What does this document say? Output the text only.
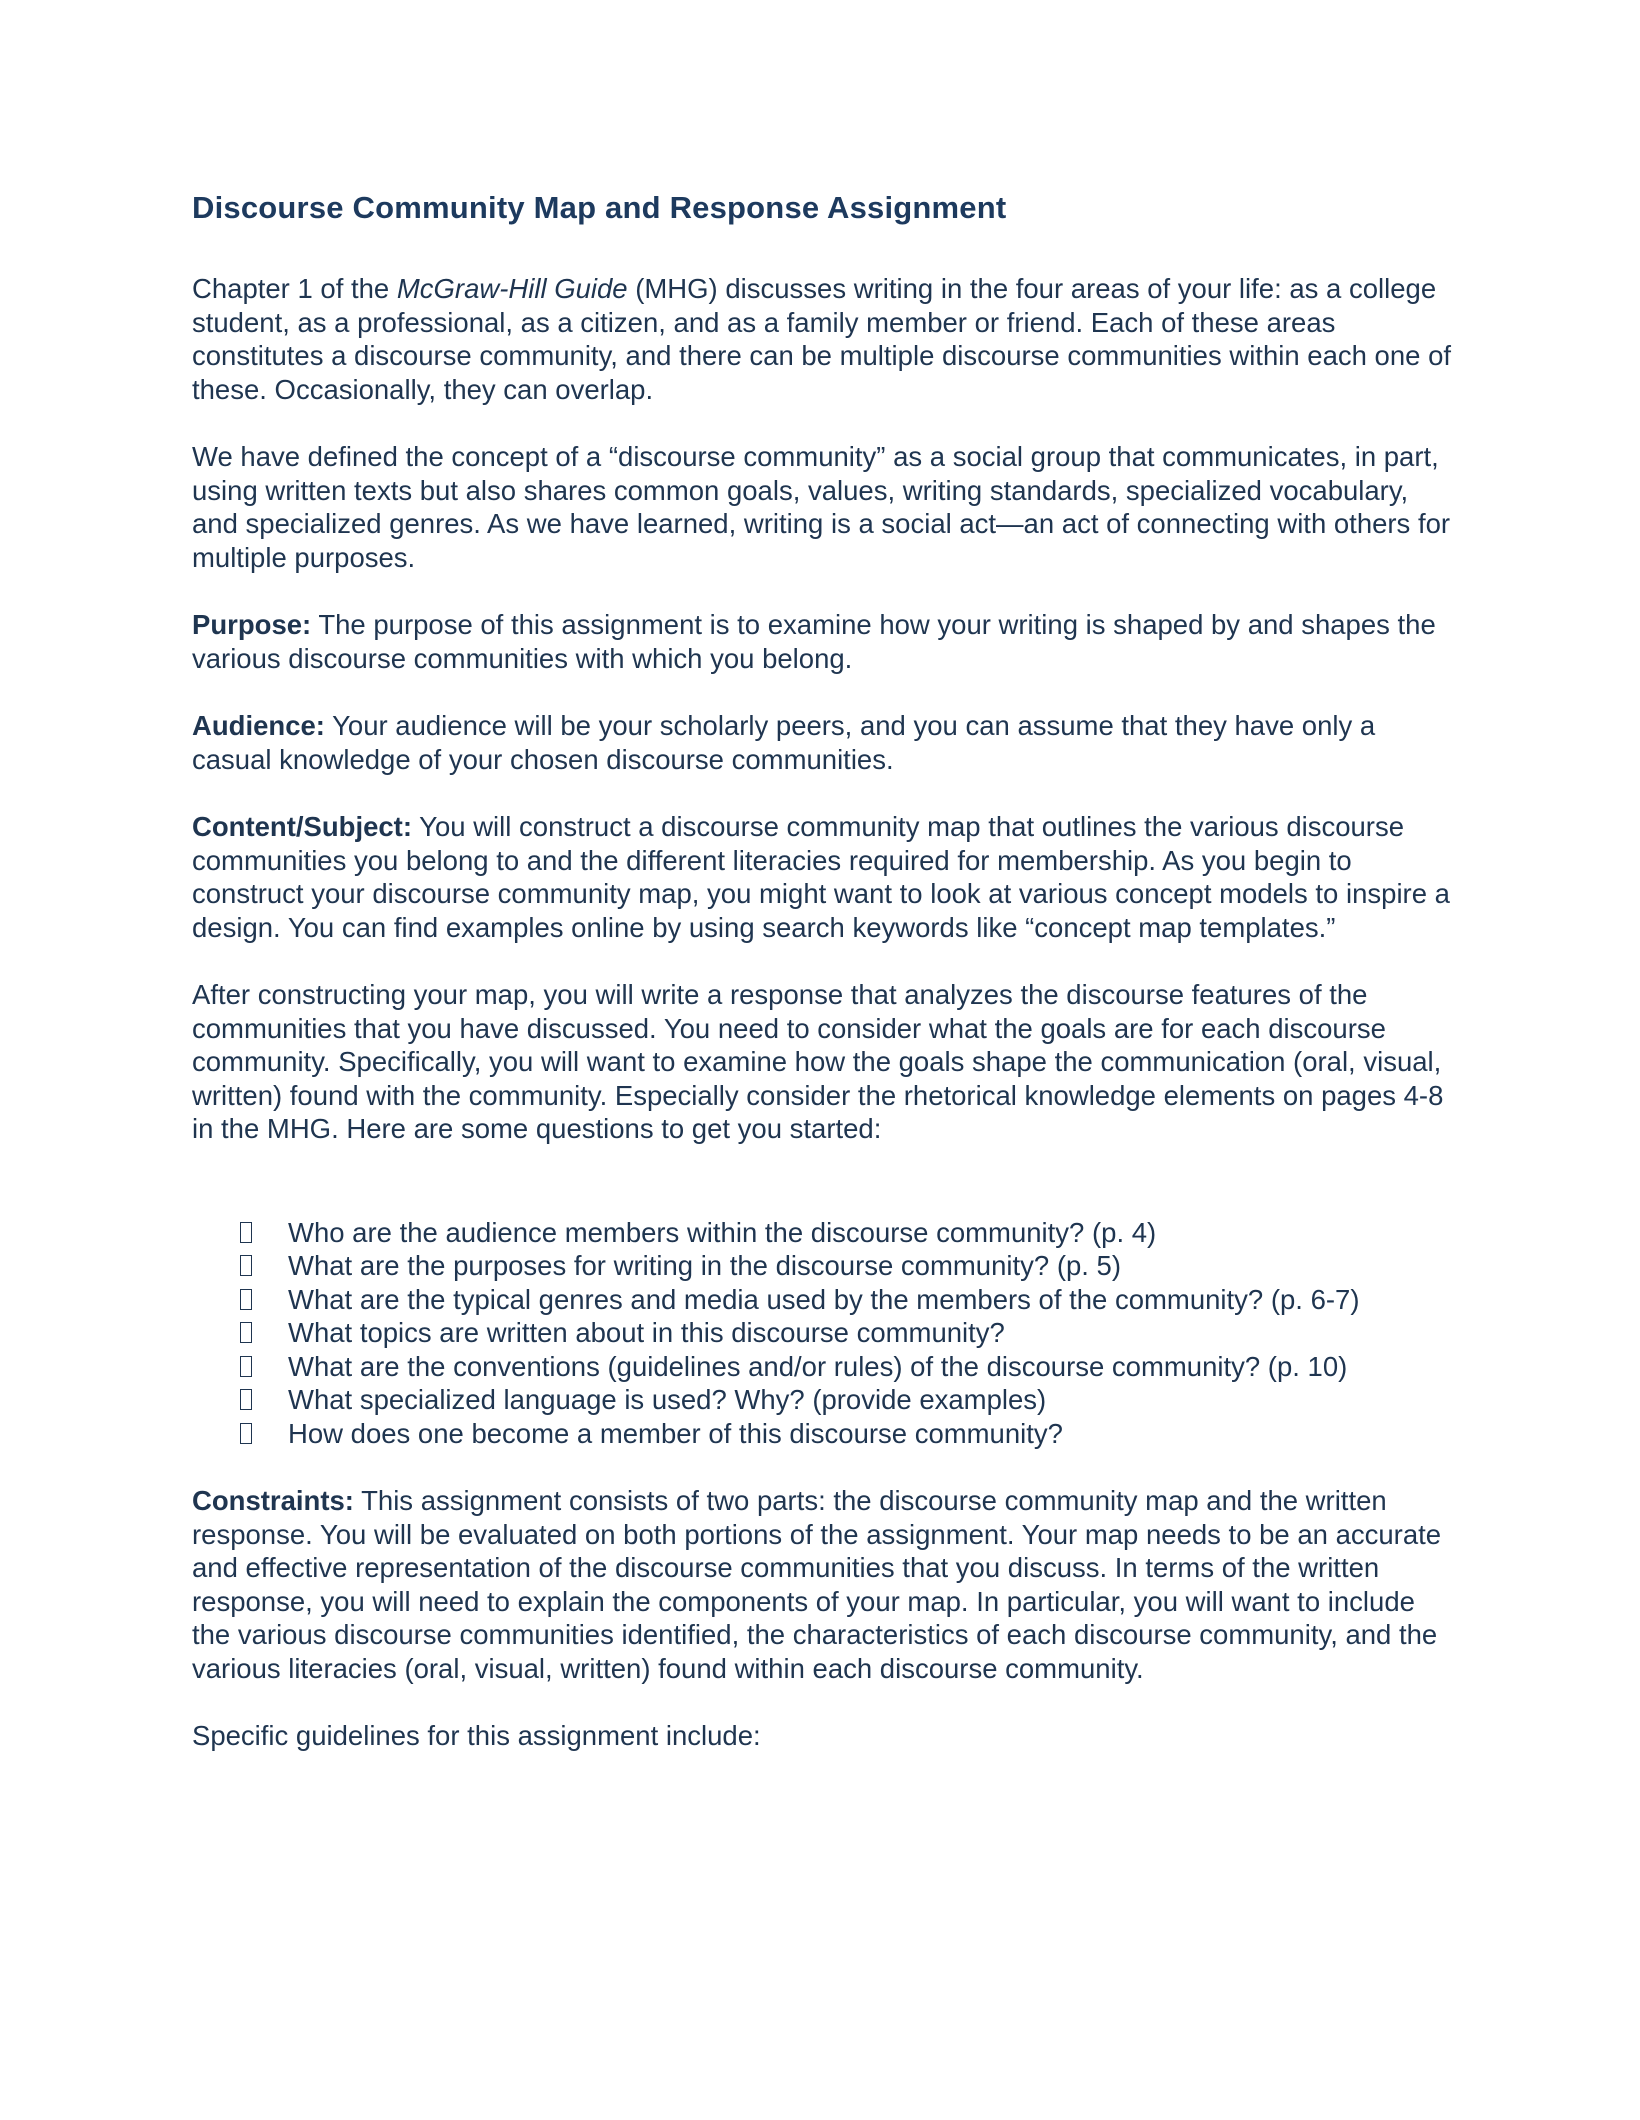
Discourse Community Map and Response Assignment

Chapter 1 of the McGraw-Hill Guide (MHG) discusses writing in the four areas of your life: as a college student, as a professional, as a citizen, and as a family member or friend. Each of these areas constitutes a discourse community, and there can be multiple discourse communities within each one of these. Occasionally, they can overlap.

We have defined the concept of a “discourse community” as a social group that communicates, in part, using written texts but also shares common goals, values, writing standards, specialized vocabulary, and specialized genres. As we have learned, writing is a social act—an act of connecting with others for multiple purposes.

Purpose: The purpose of this assignment is to examine how your writing is shaped by and shapes the various discourse communities with which you belong.

Audience: Your audience will be your scholarly peers, and you can assume that they have only a casual knowledge of your chosen discourse communities.

Content/Subject: You will construct a discourse community map that outlines the various discourse communities you belong to and the different literacies required for membership. As you begin to construct your discourse community map, you might want to look at various concept models to inspire a design. You can find examples online by using search keywords like “concept map templates.”

After constructing your map, you will write a response that analyzes the discourse features of the communities that you have discussed. You need to consider what the goals are for each discourse community. Specifically, you will want to examine how the goals shape the communication (oral, visual, written) found with the community. Especially consider the rhetorical knowledge elements on pages 4-8 in the MHG. Here are some questions to get you started:

Who are the audience members within the discourse community? (p. 4)
What are the purposes for writing in the discourse community? (p. 5)
What are the typical genres and media used by the members of the community? (p. 6-7)
What topics are written about in this discourse community?
What are the conventions (guidelines and/or rules) of the discourse community? (p. 10)
What specialized language is used? Why? (provide examples)
How does one become a member of this discourse community?

Constraints: This assignment consists of two parts: the discourse community map and the written response. You will be evaluated on both portions of the assignment. Your map needs to be an accurate and effective representation of the discourse communities that you discuss. In terms of the written response, you will need to explain the components of your map. In particular, you will want to include the various discourse communities identified, the characteristics of each discourse community, and the various literacies (oral, visual, written) found within each discourse community.

Specific guidelines for this assignment include:
